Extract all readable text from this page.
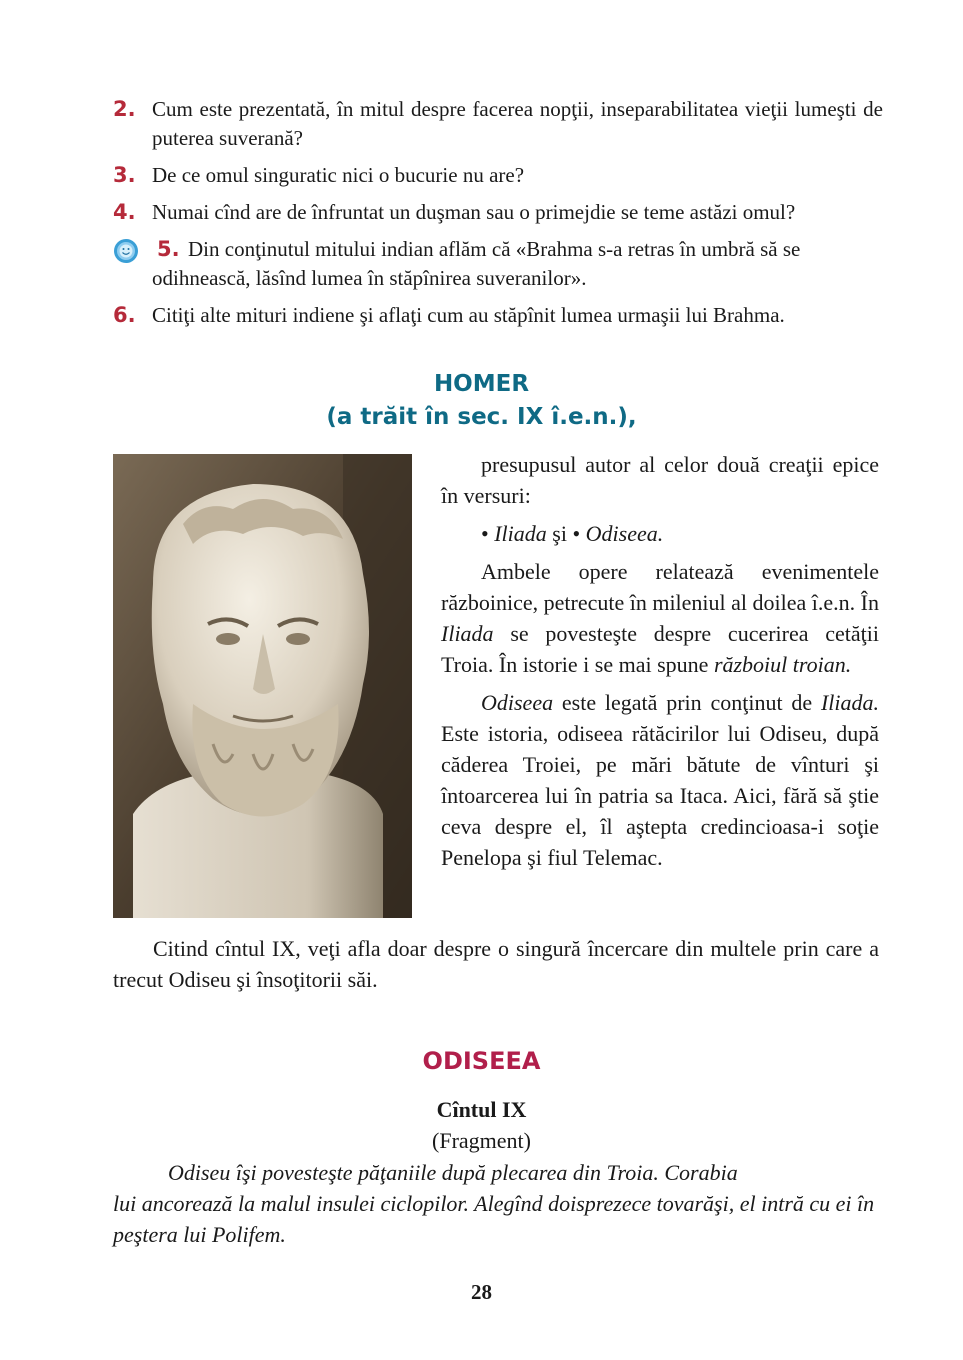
2. Cum este prezentată, în mitul despre facerea nopţii, inseparabilitatea vieţii lumeşti de puterea suverană?
3. De ce omul singuratic nici o bucurie nu are?
4. Numai cînd are de înfruntat un duşman sau o primejdie se teme astăzi omul?
5. Din conţinutul mitului indian aflăm că «Brahma s-a retras în umbră să se
odihnească, lăsînd lumea în stăpînirea suveranilor».
6. Citiţi alte mituri indiene şi aflaţi cum au stăpînit lumea urmaşii lui Brahma.
HOMER
(a trăit în sec. IX î.e.n.),

presupusul autor al celor două creaţii epice în versuri:

• Iliada şi • Odiseea.

Ambele opere relatează evenimentele războinice, petrecute în mileniul al doilea î.e.n. În Iliada se povesteşte despre cucerirea cetăţii Troia. În istorie i se mai spune războiul troian.

Odiseea este legată prin conţinut de Iliada. Este istoria, odiseea rătăcirilor lui Odiseu, după căderea Troiei, pe mări bătute de vînturi şi întoarcerea lui în patria sa Itaca. Aici, fără să ştie ceva despre el, îl aştepta credincioasa-i soţie Penelopa şi fiul Telemac.

Citind cîntul IX, veţi afla doar despre o singură încercare din multele prin care a trecut Odiseu şi însoţitorii săi.

ODISEEA
Cîntul IX
(Fragment)
Odiseu îşi povesteşte păţaniile după plecarea din Troia. Corabia
lui ancorează la malul insulei ciclopilor. Alegînd doisprezece tovarăşi, el intră cu ei în peştera lui Polifem.
28
